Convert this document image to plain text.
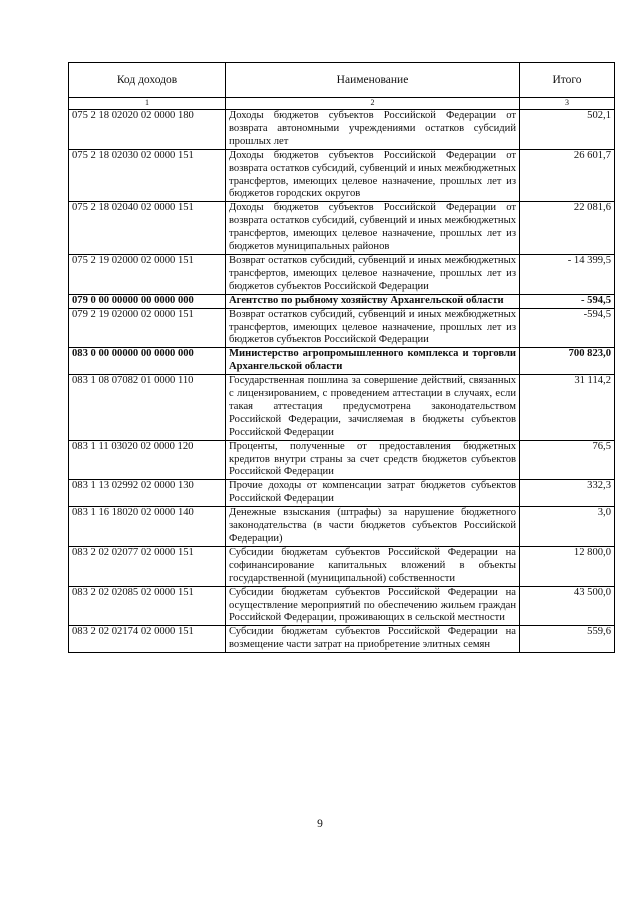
Код доходов	Наименование	Итого
1	2	3
075 2 18 02020 02 0000 180	Доходы бюджетов субъектов Российской Федерации от возврата автономными учреждениями остатков субсидий прошлых лет	502,1
075 2 18 02030 02 0000 151	Доходы бюджетов субъектов Российской Федерации от возврата остатков субсидий, субвенций и иных межбюджетных трансфертов, имеющих целевое назначение, прошлых лет из бюджетов городских округов	26 601,7
075 2 18 02040 02 0000 151	Доходы бюджетов субъектов Российской Федерации от возврата остатков субсидий, субвенций и иных межбюджетных трансфертов, имеющих целевое назначение, прошлых лет из бюджетов муниципальных районов	22 081,6
075 2 19 02000 02 0000 151	Возврат остатков субсидий, субвенций и иных межбюджетных трансфертов, имеющих целевое назначение, прошлых лет из бюджетов субъектов Российской Федерации	- 14 399,5
079 0 00 00000 00 0000 000	Агентство по рыбному хозяйству Архангельской области	- 594,5
079 2 19 02000 02 0000 151	Возврат остатков субсидий, субвенций и иных межбюджетных трансфертов, имеющих целевое назначение, прошлых лет из бюджетов субъектов Российской Федерации	-594,5
083 0 00 00000 00 0000 000	Министерство агропромышленного комплекса и торговли Архангельской области	700 823,0
083 1 08 07082 01 0000 110	Государственная пошлина за совершение действий, связанных с лицензированием, с проведением аттестации в случаях, если такая аттестация предусмотрена законодательством Российской Федерации, зачисляемая в бюджеты субъектов Российской Федерации	31 114,2
083 1 11 03020 02 0000 120	Проценты, полученные от предоставления бюджетных кредитов внутри страны за счет средств бюджетов субъектов Российской Федерации	76,5
083 1 13 02992 02 0000 130	Прочие доходы от компенсации затрат бюджетов субъектов Российской Федерации	332,3
083 1 16 18020 02 0000 140	Денежные взыскания (штрафы) за нарушение бюджетного законодательства (в части бюджетов субъектов Российской Федерации)	3,0
083 2 02 02077 02 0000 151	Субсидии бюджетам субъектов Российской Федерации на софинансирование капитальных вложений в объекты государственной (муниципальной) собственности	12 800,0
083 2 02 02085 02 0000 151	Субсидии бюджетам субъектов Российской Федерации на осуществление мероприятий по обеспечению жильем граждан Российской Федерации, проживающих в сельской местности	43 500,0
083 2 02 02174 02 0000 151	Субсидии бюджетам субъектов Российской Федерации на возмещение части затрат на приобретение элитных семян	559,6
9
